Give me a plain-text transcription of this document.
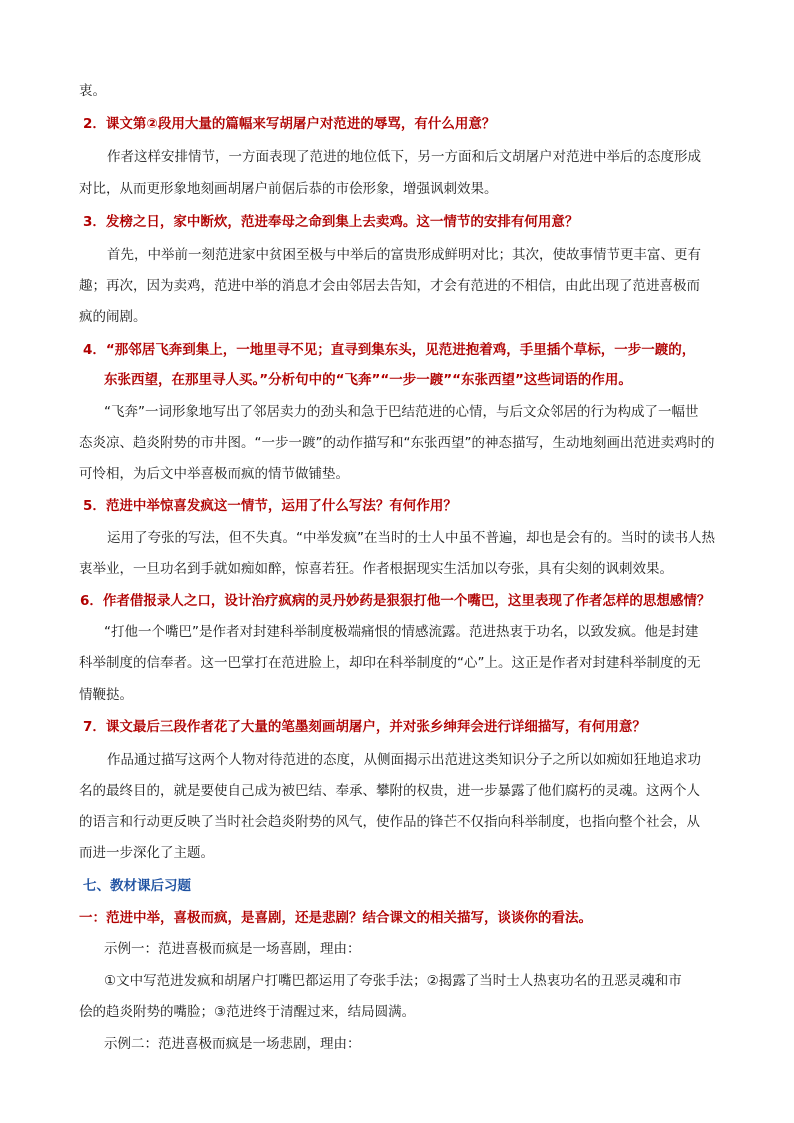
衷。
2．课文第②段用大量的篇幅来写胡屠户对范进的辱骂，有什么用意？
作者这样安排情节，一方面表现了范进的地位低下，另一方面和后文胡屠户对范进中举后的态度形成
对比，从而更形象地刻画胡屠户前倨后恭的市侩形象，增强讽刺效果。
3．发榜之日，家中断炊，范进奉母之命到集上去卖鸡。这一情节的安排有何用意？
首先，中举前一刻范进家中贫困至极与中举后的富贵形成鲜明对比；其次，使故事情节更丰富、更有
趣；再次，因为卖鸡，范进中举的消息才会由邻居去告知，才会有范进的不相信，由此出现了范进喜极而
疯的闹剧。
4．“那邻居飞奔到集上，一地里寻不见；直寻到集东头，见范进抱着鸡，手里插个草标，一步一踱的，
东张西望，在那里寻人买。”分析句中的“飞奔”“一步一踱”“东张西望”这些词语的作用。
“飞奔”一词形象地写出了邻居卖力的劲头和急于巴结范进的心情，与后文众邻居的行为构成了一幅世
态炎凉、趋炎附势的市井图。“一步一踱”的动作描写和“东张西望”的神态描写，生动地刻画出范进卖鸡时的
可怜相，为后文中举喜极而疯的情节做铺垫。
5．范进中举惊喜发疯这一情节，运用了什么写法？有何作用？
运用了夸张的写法，但不失真。“中举发疯”在当时的士人中虽不普遍，却也是会有的。当时的读书人热
衷举业，一旦功名到手就如痴如醉，惊喜若狂。作者根据现实生活加以夸张，具有尖刻的讽刺效果。
6．作者借报录人之口，设计治疗疯病的灵丹妙药是狠狠打他一个嘴巴，这里表现了作者怎样的思想感情？
“打他一个嘴巴”是作者对封建科举制度极端痛恨的情感流露。范进热衷于功名，以致发疯。他是封建
科举制度的信奉者。这一巴掌打在范进脸上，却印在科举制度的“心”上。这正是作者对封建科举制度的无
情鞭挞。
7．课文最后三段作者花了大量的笔墨刻画胡屠户，并对张乡绅拜会进行详细描写，有何用意？
作品通过描写这两个人物对待范进的态度，从侧面揭示出范进这类知识分子之所以如痴如狂地追求功
名的最终目的，就是要使自己成为被巴结、奉承、攀附的权贵，进一步暴露了他们腐朽的灵魂。这两个人
的语言和行动更反映了当时社会趋炎附势的风气，使作品的锋芒不仅指向科举制度，也指向整个社会，从
而进一步深化了主题。
七、教材课后习题
一：范进中举，喜极而疯，是喜剧，还是悲剧？结合课文的相关描写，谈谈你的看法。
示例一：范进喜极而疯是一场喜剧，理由：
①文中写范进发疯和胡屠户打嘴巴都运用了夸张手法；②揭露了当时士人热衷功名的丑恶灵魂和市
侩的趋炎附势的嘴脸；③范进终于清醒过来，结局圆满。
示例二：范进喜极而疯是一场悲剧，理由：
